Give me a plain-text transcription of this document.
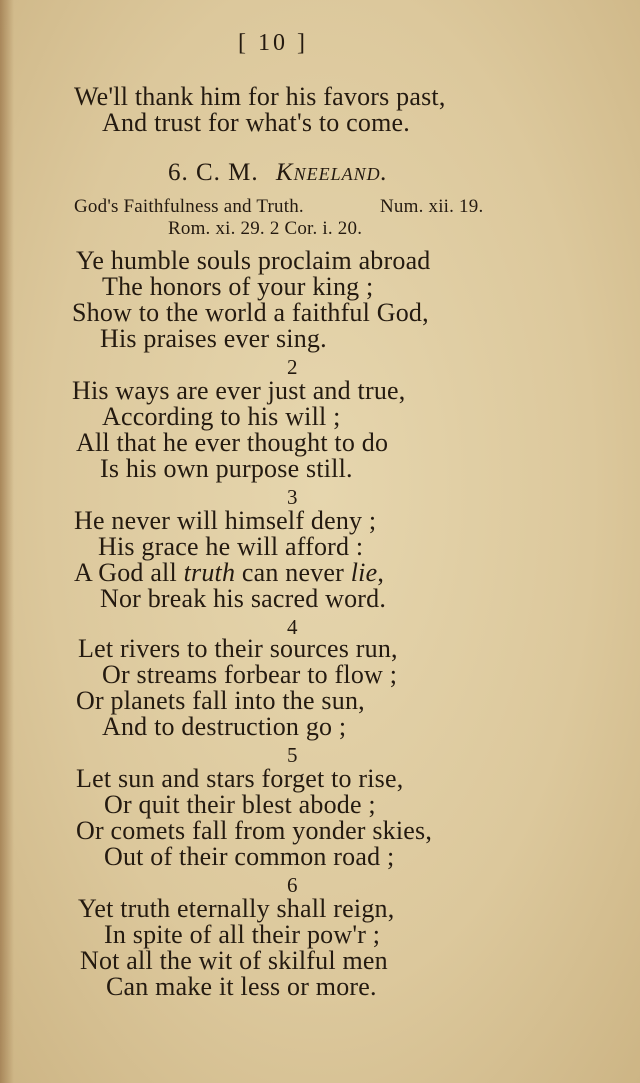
[ 10 ]
We'll thank him for his favors past,
And trust for what's to come.
6. C. M. Kneeland.
God's Faithfulness and Truth.	Num. xii. 19.
Rom. xi. 29. 2 Cor. i. 20.
Ye humble souls proclaim abroad
The honors of your king ;
Show to the world a faithful God,
His praises ever sing.
2
His ways are ever just and true,
According to his will ;
All that he ever thought to do
Is his own purpose still.
3
He never will himself deny ;
His grace he will afford :
A God all truth can never lie,
Nor break his sacred word.
4
Let rivers to their sources run,
Or streams forbear to flow ;
Or planets fall into the sun,
And to destruction go ;
5
Let sun and stars forget to rise,
Or quit their blest abode ;
Or comets fall from yonder skies,
Out of their common road ;
6
Yet truth eternally shall reign,
In spite of all their pow'r ;
Not all the wit of skilful men
Can make it less or more.
